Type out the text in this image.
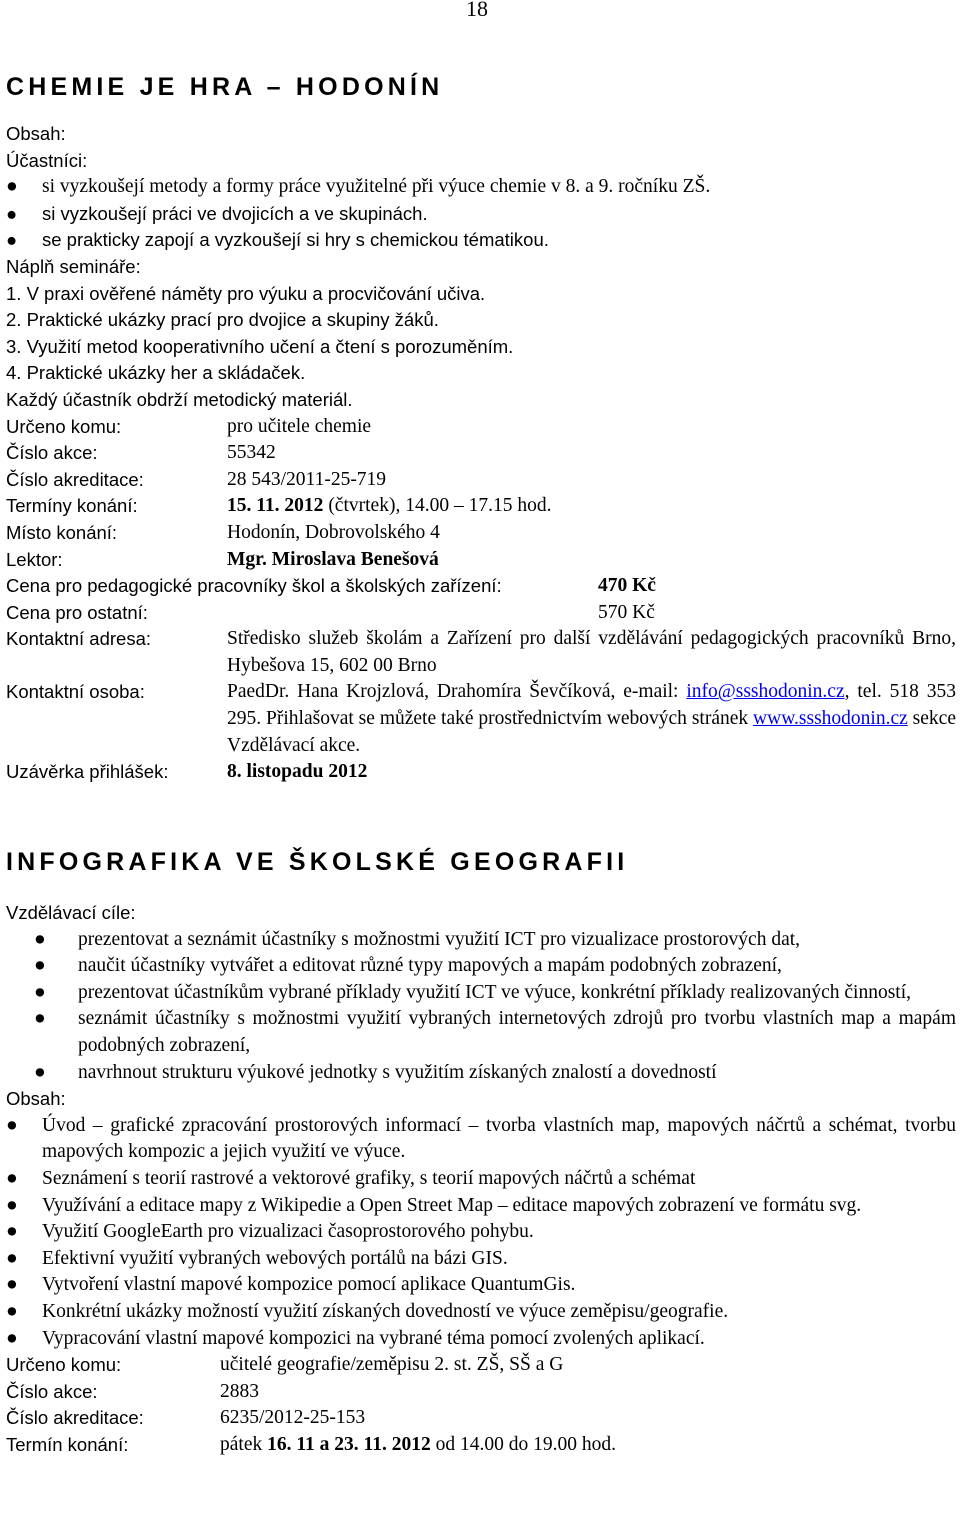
18
CHEMIE JE HRA – HODONÍN
Obsah:
Účastníci:
● si vyzkoušejí metody a formy práce využitelné při výuce chemie v 8. a 9. ročníku ZŠ.
● si vyzkoušejí práci ve dvojicích a ve skupinách.
● se prakticky zapojí a vyzkoušejí si hry s chemickou tématikou.
Náplň semináře:
1. V praxi ověřené náměty pro výuku a procvičování učiva.
2. Praktické ukázky prací pro dvojice a skupiny žáků.
3. Využití metod kooperativního učení a čtení s porozuměním.
4. Praktické ukázky her a skládaček.
Každý účastník obdrží metodický materiál.
Určeno komu:	pro učitele chemie
Číslo akce:	55342
Číslo akreditace:	28 543/2011-25-719
Termíny konání:	15. 11. 2012 (čtvrtek), 14.00 – 17.15 hod.
Místo konání:	Hodonín, Dobrovolského 4
Lektor:	Mgr. Miroslava Benešová
Cena pro pedagogické pracovníky škol a školských zařízení:	470 Kč
Cena pro ostatní:	570 Kč
Kontaktní adresa:	Středisko služeb školám a Zařízení pro další vzdělávání pedagogických pracovníků Brno, Hybešova 15, 602 00 Brno
Kontaktní osoba:	PaedDr. Hana Krojzlová, Drahomíra Ševčíková, e-mail: info@ssshodonin.cz, tel. 518 353 295. Přihlašovat se můžete také prostřednictvím webových stránek www.ssshodonin.cz sekce Vzdělávací akce.
Uzávěrka přihlášek:	8. listopadu 2012
INFOGRAFIKA VE ŠKOLSKÉ GEOGRAFII
Vzdělávací cíle:
● prezentovat a seznámit účastníky s možnostmi využití ICT pro vizualizace prostorových dat,
● naučit účastníky vytvářet a editovat různé typy mapových a mapám podobných zobrazení,
● prezentovat účastníkům vybrané příklady využití ICT ve výuce, konkrétní příklady realizovaných činností,
● seznámit účastníky s možnostmi využití vybraných internetových zdrojů pro tvorbu vlastních map a mapám podobných zobrazení,
● navrhnout strukturu výukové jednotky s využitím získaných znalostí a dovedností
Obsah:
● Úvod – grafické zpracování prostorových informací – tvorba vlastních map, mapových náčrtů a schémat, tvorbu mapových kompozic a jejich využití ve výuce.
● Seznámení s teorií rastrové a vektorové grafiky, s teorií mapových náčrtů a schémat
● Využívání a editace mapy z Wikipedie a Open Street Map – editace mapových zobrazení ve formátu svg.
● Využití GoogleEarth pro vizualizaci časoprostorového pohybu.
● Efektivní využití vybraných webových portálů na bázi GIS.
● Vytvoření vlastní mapové kompozice pomocí aplikace QuantumGis.
● Konkrétní ukázky možností využití získaných dovedností ve výuce zeměpisu/geografie.
● Vypracování vlastní mapové kompozici na vybrané téma pomocí zvolených aplikací.
Určeno komu:	učitelé geografie/zeměpisu 2. st. ZŠ, SŠ a G
Číslo akce:	2883
Číslo akreditace:	6235/2012-25-153
Termín konání:	pátek 16. 11 a 23. 11. 2012 od 14.00 do 19.00 hod.
